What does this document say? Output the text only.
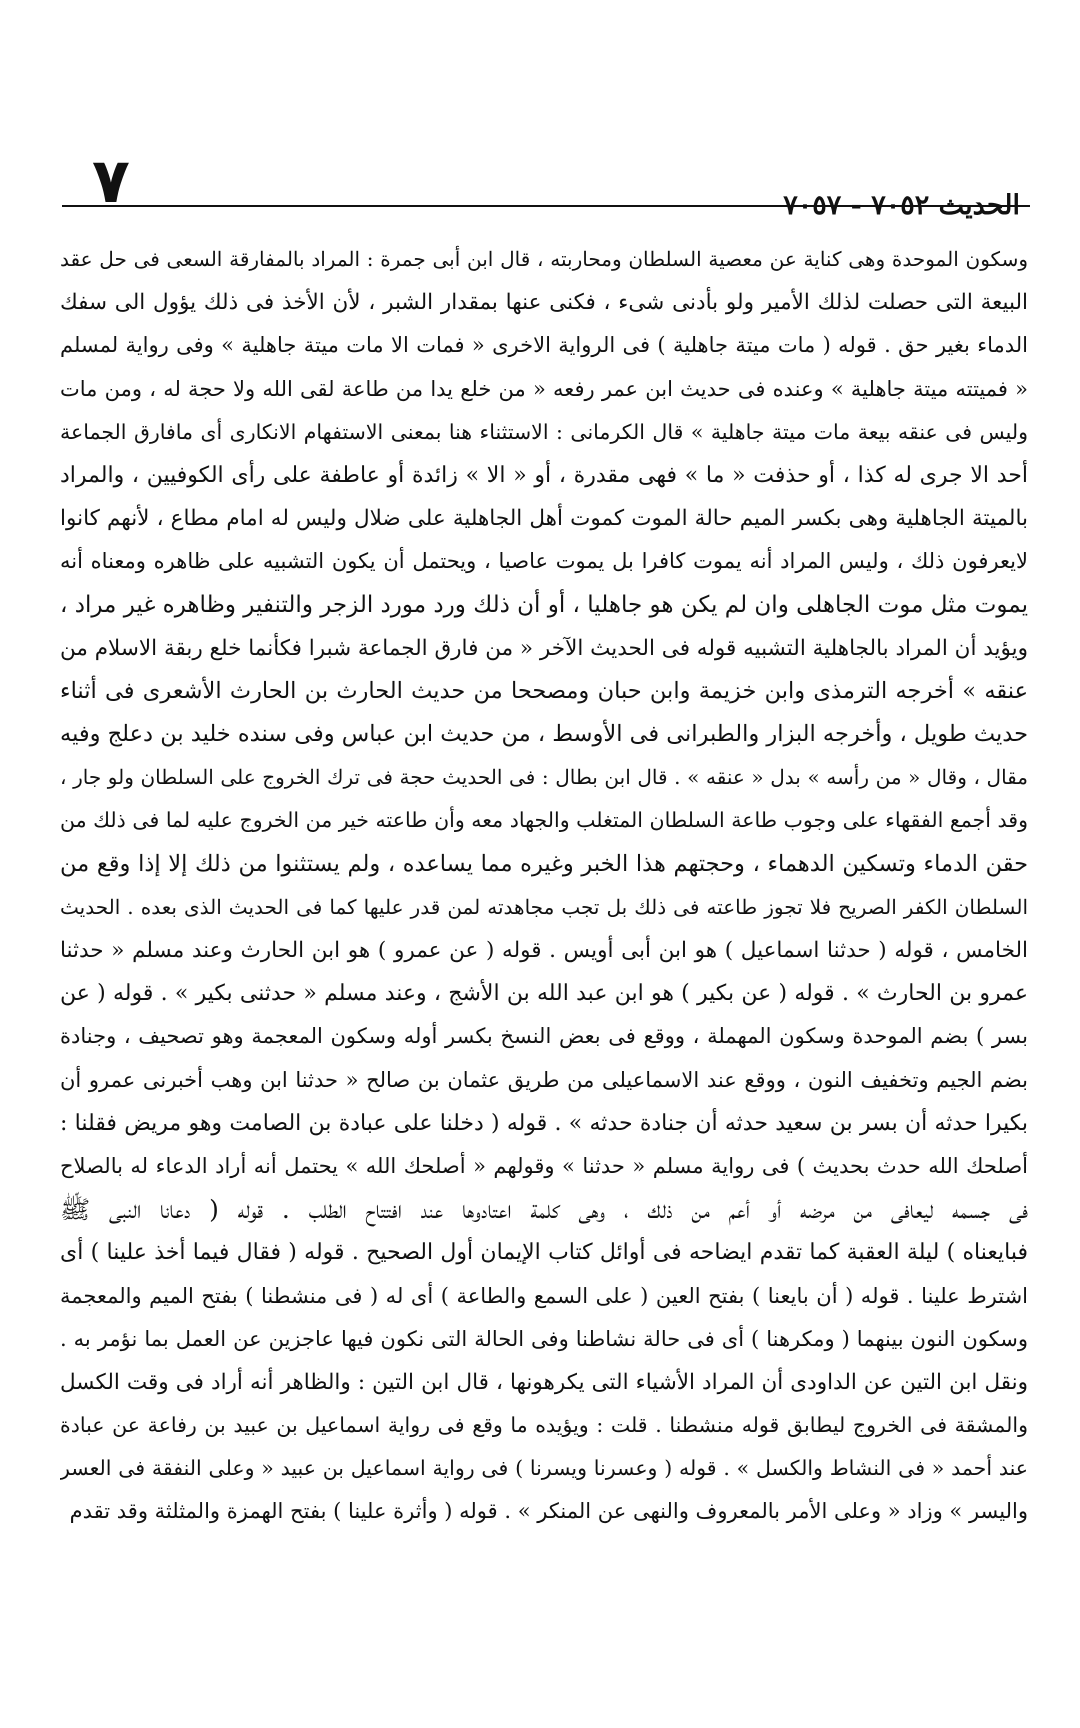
٧	الحديث ٧٠٥٢ - ٧٠٥٧
وسكون الموحدة وهى كناية عن معصية السلطان ومحاربته ، قال ابن أبى جمرة : المراد بالمفارقة السعى فى حل عقد
البيعة التى حصلت لذلك الأمير ولو بأدنى شىء ، فكنى عنها بمقدار الشبر ، لأن الأخذ فى ذلك يؤول الى سفك
الدماء بغير حق . قوله ( مات ميتة جاهلية ) فى الرواية الاخرى « فمات الا مات ميتة جاهلية » وفى رواية لمسلم
« فميتته ميتة جاهلية » وعنده فى حديث ابن عمر رفعه « من خلع يدا من طاعة لقى الله ولا حجة له ، ومن مات
وليس فى عنقه بيعة مات ميتة جاهلية » قال الكرمانى : الاستثناء هنا بمعنى الاستفهام الانكارى أى مافارق الجماعة
أحد الا جرى له كذا ، أو حذفت « ما » فهى مقدرة ، أو « الا » زائدة أو عاطفة على رأى الكوفيين ، والمراد
بالميتة الجاهلية وهى بكسر الميم حالة الموت كموت أهل الجاهلية على ضلال وليس له امام مطاع ، لأنهم كانوا
لايعرفون ذلك ، وليس المراد أنه يموت كافرا بل يموت عاصيا ، ويحتمل أن يكون التشبيه على ظاهره ومعناه أنه
يموت مثل موت الجاهلى وان لم يكن هو جاهليا ، أو أن ذلك ورد مورد الزجر والتنفير وظاهره غير مراد ،
ويؤيد أن المراد بالجاهلية التشبيه قوله فى الحديث الآخر « من فارق الجماعة شبرا فكأنما خلع ربقة الاسلام من
عنقه » أخرجه الترمذى وابن خزيمة وابن حبان ومصححا من حديث الحارث بن الحارث الأشعرى فى أثناء
حديث طويل ، وأخرجه البزار والطبرانى فى الأوسط ، من حديث ابن عباس وفى سنده خليد بن دعلج وفيه
مقال ، وقال « من رأسه » بدل « عنقه » . قال ابن بطال : فى الحديث حجة فى ترك الخروج على السلطان ولو جار ،
وقد أجمع الفقهاء على وجوب طاعة السلطان المتغلب والجهاد معه وأن طاعته خير من الخروج عليه لما فى ذلك من
حقن الدماء وتسكين الدهماء ، وحجتهم هذا الخبر وغيره مما يساعده ، ولم يستثنوا من ذلك إلا إذا وقع من
السلطان الكفر الصريح فلا تجوز طاعته فى ذلك بل تجب مجاهدته لمن قدر عليها كما فى الحديث الذى بعده . الحديث
الخامس ، قوله ( حدثنا اسماعيل ) هو ابن أبى أويس . قوله ( عن عمرو ) هو ابن الحارث وعند مسلم « حدثنا
عمرو بن الحارث » . قوله ( عن بكير ) هو ابن عبد الله بن الأشج ، وعند مسلم « حدثنى بكير » . قوله ( عن
بسر ) بضم الموحدة وسكون المهملة ، ووقع فى بعض النسخ بكسر أوله وسكون المعجمة وهو تصحيف ، وجنادة
بضم الجيم وتخفيف النون ، ووقع عند الاسماعيلى من طريق عثمان بن صالح « حدثنا ابن وهب أخبرنى عمرو أن
بكيرا حدثه أن بسر بن سعيد حدثه أن جنادة حدثه » . قوله ( دخلنا على عبادة بن الصامت وهو مريض فقلنا :
أصلحك الله حدث بحديث ) فى رواية مسلم « حدثنا » وقولهم « أصلحك الله » يحتمل أنه أراد الدعاء له بالصلاح
فى جسمه ليعافى من مرضه أو أعم من ذلك ، وهى كلمة اعتادوها عند افتتاح الطلب . قوله ( دعانا النبى ﷺ
فبايعناه ) ليلة العقبة كما تقدم ايضاحه فى أوائل كتاب الإيمان أول الصحيح . قوله ( فقال فيما أخذ علينا ) أى
اشترط علينا . قوله ( أن بايعنا ) بفتح العين ( على السمع والطاعة ) أى له ( فى منشطنا ) بفتح الميم والمعجمة
وسكون النون بينهما ( ومكرهنا ) أى فى حالة نشاطنا وفى الحالة التى نكون فيها عاجزين عن العمل بما نؤمر به .
ونقل ابن التين عن الداودى أن المراد الأشياء التى يكرهونها ، قال ابن التين : والظاهر أنه أراد فى وقت الكسل
والمشقة فى الخروج ليطابق قوله منشطنا . قلت : ويؤيده ما وقع فى رواية اسماعيل بن عبيد بن رفاعة عن عبادة
عند أحمد « فى النشاط والكسل » . قوله ( وعسرنا ويسرنا ) فى رواية اسماعيل بن عبيد « وعلى النفقة فى العسر
واليسر » وزاد « وعلى الأمر بالمعروف والنهى عن المنكر » . قوله ( وأثرة علينا ) بفتح الهمزة والمثلثة وقد تقدم
